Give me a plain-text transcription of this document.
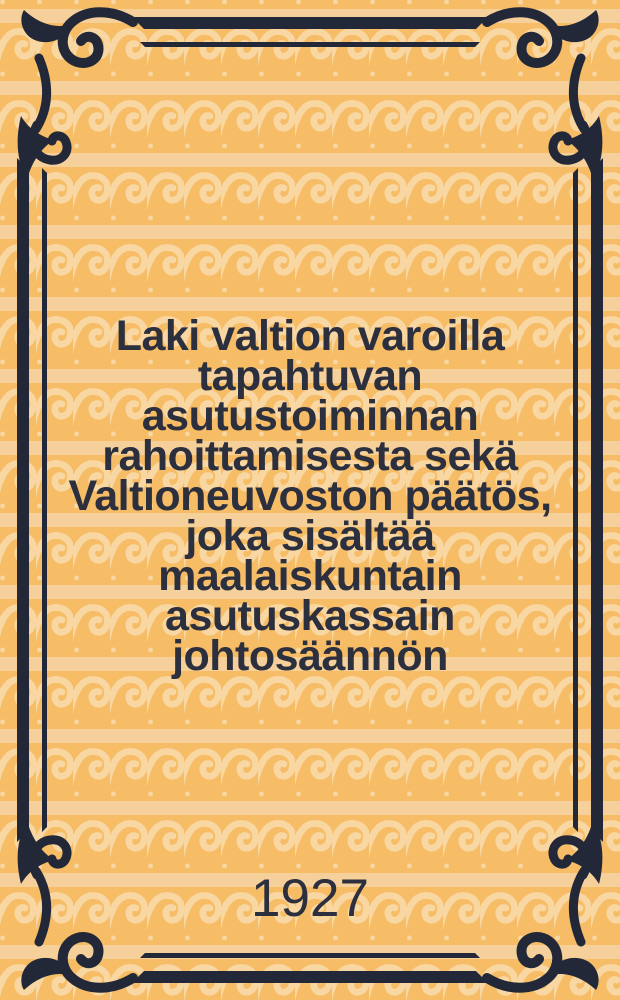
Laki valtion varoilla
tapahtuvan
asutustoiminnan
rahoittamisesta sekä
Valtioneuvoston päätös,
joka sisältää
maalaiskuntain
asutuskassain
johtosäännön
1927
